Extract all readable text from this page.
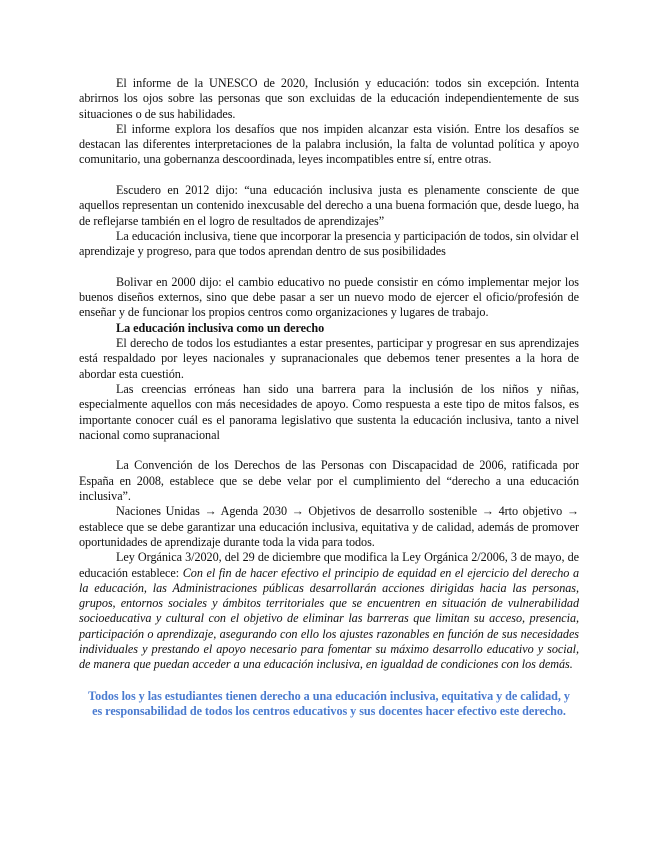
El informe de la UNESCO de 2020, Inclusión y educación: todos sin excepción. Intenta abrirnos los ojos sobre las personas que son excluidas de la educación independientemente de sus situaciones o de sus habilidades.

El informe explora los desafíos que nos impiden alcanzar esta visión. Entre los desafíos se destacan las diferentes interpretaciones de la palabra inclusión, la falta de voluntad política y apoyo comunitario, una gobernanza descoordinada, leyes incompatibles entre sí, entre otras.

Escudero en 2012 dijo: “una educación inclusiva justa es plenamente consciente de que aquellos representan un contenido inexcusable del derecho a una buena formación que, desde luego, ha de reflejarse también en el logro de resultados de aprendizajes”

La educación inclusiva, tiene que incorporar la presencia y participación de todos, sin olvidar el aprendizaje y progreso, para que todos aprendan dentro de sus posibilidades

Bolivar en 2000 dijo: el cambio educativo no puede consistir en cómo implementar mejor los buenos diseños externos, sino que debe pasar a ser un nuevo modo de ejercer el oficio/profesión de enseñar y de funcionar los propios centros como organizaciones y lugares de trabajo.

La educación inclusiva como un derecho

El derecho de todos los estudiantes a estar presentes, participar y progresar en sus aprendizajes está respaldado por leyes nacionales y supranacionales que debemos tener presentes a la hora de abordar esta cuestión.

Las creencias erróneas han sido una barrera para la inclusión de los niños y niñas, especialmente aquellos con más necesidades de apoyo. Como respuesta a este tipo de mitos falsos, es importante conocer cuál es el panorama legislativo que sustenta la educación inclusiva, tanto a nivel nacional como supranacional

La Convención de los Derechos de las Personas con Discapacidad de 2006, ratificada por España en 2008, establece que se debe velar por el cumplimiento del “derecho a una educación inclusiva”.

Naciones Unidas → Agenda 2030 → Objetivos de desarrollo sostenible → 4rto objetivo → establece que se debe garantizar una educación inclusiva, equitativa y de calidad, además de promover oportunidades de aprendizaje durante toda la vida para todos.

Ley Orgánica 3/2020, del 29 de diciembre que modifica la Ley Orgánica 2/2006, 3 de mayo, de educación establece: Con el fin de hacer efectivo el principio de equidad en el ejercicio del derecho a la educación, las Administraciones públicas desarrollarán acciones dirigidas hacia las personas, grupos, entornos sociales y ámbitos territoriales que se encuentren en situación de vulnerabilidad socioeducativa y cultural con el objetivo de eliminar las barreras que limitan su acceso, presencia, participación o aprendizaje, asegurando con ello los ajustes razonables en función de sus necesidades individuales y prestando el apoyo necesario para fomentar su máximo desarrollo educativo y social, de manera que puedan acceder a una educación inclusiva, en igualdad de condiciones con los demás.

Todos los y las estudiantes tienen derecho a una educación inclusiva, equitativa y de calidad, y es responsabilidad de todos los centros educativos y sus docentes hacer efectivo este derecho.
